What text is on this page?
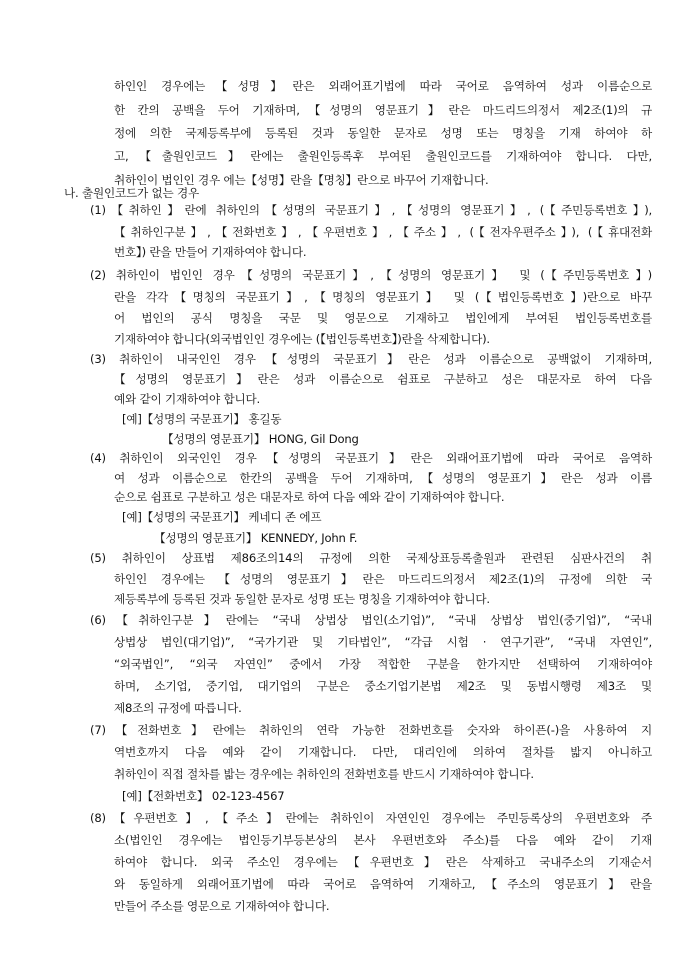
하인인 경우에는【성명】란은 외래어표기법에 따라 국어로 음역하여 성과 이름순으로
한 칸의 공백을 두어 기재하며,【성명의 영문표기】란은 마드리드의정서 제2조(1)의 규
정에 의한 국제등록부에 등록된 것과 동일한 문자로 성명 또는 명칭을 기재 하여야 하
고,【출원인코드】란에는 출원인등록후 부여된 출원인코드를 기재하여야 합니다. 다만,
취하인이 법인인 경우 에는【성명】란을【명칭】란으로 바꾸어 기재합니다.
나. 출원인코드가 없는 경우
(1)【취하인】란에 취하인의【성명의 국문표기】,【성명의 영문표기】, (【주민등록번호】),
【취하인구분】,【전화번호】,【우편번호】,【주소】, (【전자우편주소】), (【휴대전화
번호】) 란을 만들어 기재하여야 합니다.
(2) 취하인이 법인인 경우【성명의 국문표기】,【성명의 영문표기】 및 (【주민등록번호】)
란을 각각【명칭의 국문표기】,【명칭의 영문표기】 및 (【법인등록번호】)란으로 바꾸
어 법인의 공식 명칭을 국문 및 영문으로 기재하고 법인에게 부여된 법인등록번호를
기재하여야 합니다(외국법인인 경우에는 (【법인등록번호】)란을 삭제합니다).
(3) 취하인이 내국인인 경우【성명의 국문표기】란은 성과 이름순으로 공백없이 기재하며,
【성명의 영문표기】란은 성과 이름순으로 쉼표로 구분하고 성은 대문자로 하여 다음
예와 같이 기재하여야 합니다.
[예]【성명의 국문표기】 홍길동
【성명의 영문표기】 HONG, Gil Dong
(4) 취하인이 외국인인 경우【성명의 국문표기】란은 외래어표기법에 따라 국어로 음역하
여 성과 이름순으로 한칸의 공백을 두어 기재하며,【성명의 영문표기】란은 성과 이름
순으로 쉼표로 구분하고 성은 대문자로 하여 다음 예와 같이 기재하여야 합니다.
[예]【성명의 국문표기】 케네디 존 에프
【성명의 영문표기】 KENNEDY, John F.
(5) 취하인이 상표법 제86조의14의 규정에 의한 국제상표등록출원과 관련된 심판사건의 취
하인인 경우에는 【성명의 영문표기】란은 마드리드의정서 제2조(1)의 규정에 의한 국
제등록부에 등록된 것과 동일한 문자로 성명 또는 명칭을 기재하여야 합니다.
(6)【취하인구분】란에는 “국내 상법상 법인(소기업)”, “국내 상법상 법인(중기업)”, “국내
상법상 법인(대기업)”, “국가기관 및 기타법인”, “각급 시험 · 연구기관”, “국내 자연인”,
“외국법인”, “외국 자연인” 중에서 가장 적합한 구분을 한가지만 선택하여 기재하여야
하며, 소기업, 중기업, 대기업의 구분은 중소기업기본법 제2조 및 동법시행령 제3조 및
제8조의 규정에 따릅니다.
(7)【전화번호】란에는 취하인의 연락 가능한 전화번호를 숫자와 하이픈(-)을 사용하여 지
역번호까지 다음 예와 같이 기재합니다. 다만, 대리인에 의하여 절차를 밟지 아니하고
취하인이 직접 절차를 밟는 경우에는 취하인의 전화번호를 반드시 기재하여야 합니다.
[예]【전화번호】 02-123-4567
(8)【우편번호】,【주소】란에는 취하인이 자연인인 경우에는 주민등록상의 우편번호와 주
소(법인인 경우에는 법인등기부등본상의 본사 우편번호와 주소)를 다음 예와 같이 기재
하여야 합니다. 외국 주소인 경우에는【우편번호】란은 삭제하고 국내주소의 기재순서
와 동일하게 외래어표기법에 따라 국어로 음역하여 기재하고,【주소의 영문표기】란을
만들어 주소를 영문으로 기재하여야 합니다.
